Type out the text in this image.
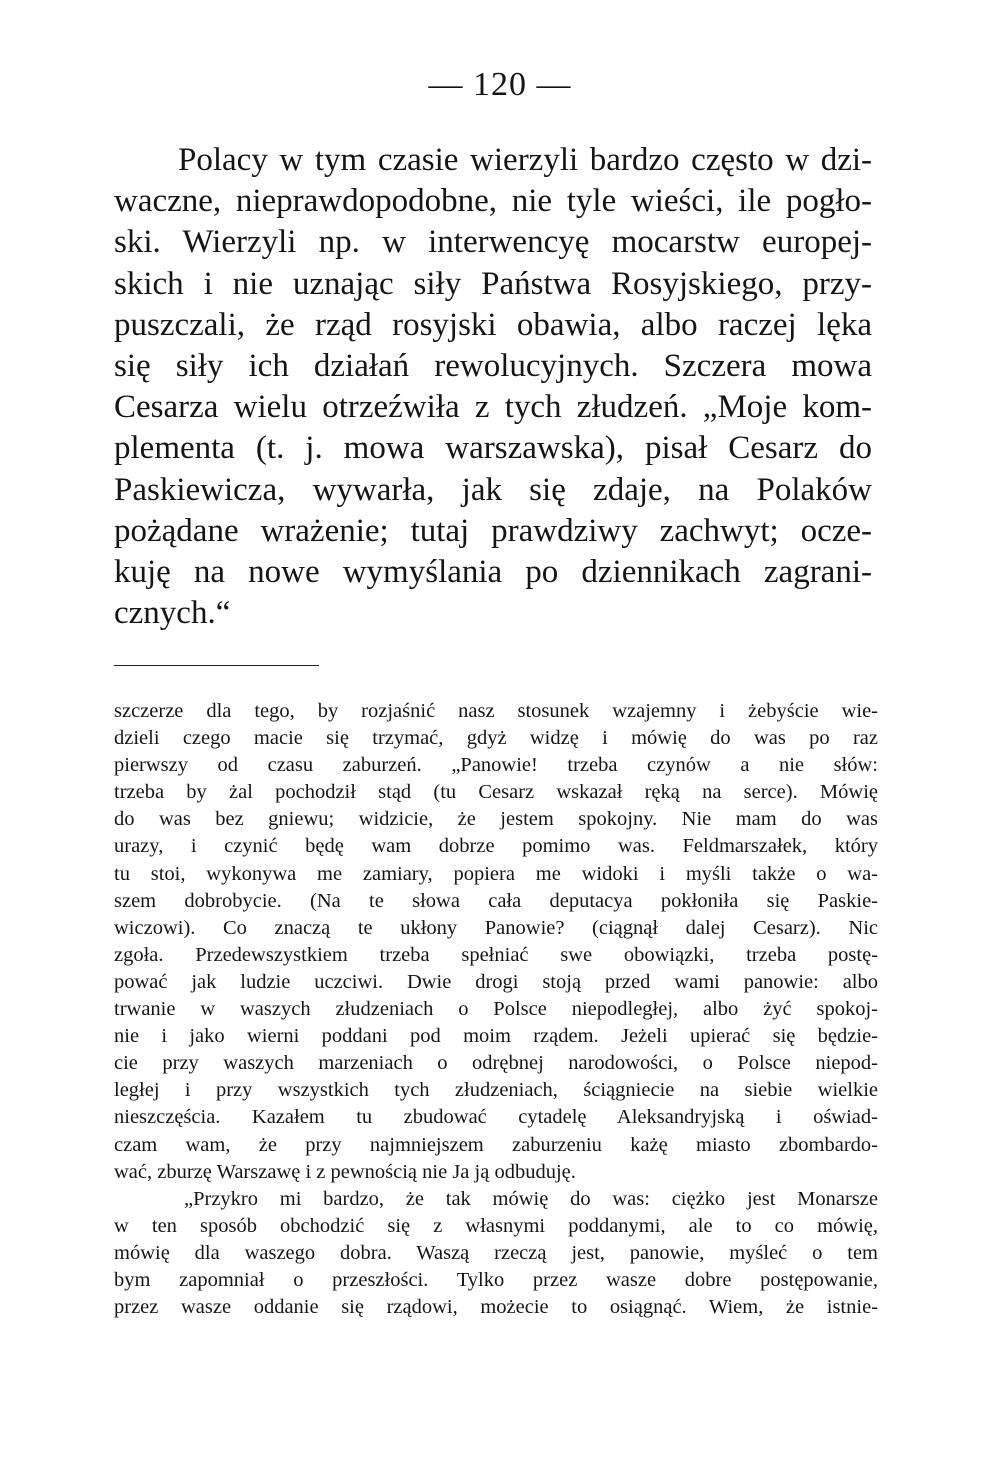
— 120 —
Polacy w tym czasie wierzyli bardzo często w dzi-
waczne, nieprawdopodobne, nie tyle wieści, ile pogło-
ski. Wierzyli np. w interwencyę mocarstw europej-
skich i nie uznając siły Państwa Rosyjskiego, przy-
puszczali, że rząd rosyjski obawia, albo raczej lęka
się siły ich działań rewolucyjnych. Szczera mowa
Cesarza wielu otrzeźwiła z tych złudzeń. „Moje kom-
plementa (t. j. mowa warszawska), pisał Cesarz do
Paskiewicza, wywarła, jak się zdaje, na Polaków
pożądane wrażenie; tutaj prawdziwy zachwyt; ocze-
kuję na nowe wymyślania po dziennikach zagrani-
cznych.“
szczerze dla tego, by rozjaśnić nasz stosunek wzajemny i żebyście wie-
dzieli czego macie się trzymać, gdyż widzę i mówię do was po raz
pierwszy od czasu zaburzeń. „Panowie! trzeba czynów a nie słów:
trzeba by żal pochodził stąd (tu Cesarz wskazał ręką na serce). Mówię
do was bez gniewu; widzicie, że jestem spokojny. Nie mam do was
urazy, i czynić będę wam dobrze pomimo was. Feldmarszałek, który
tu stoi, wykonywa me zamiary, popiera me widoki i myśli także o wa-
szem dobrobycie. (Na te słowa cała deputacya pokłoniła się Paskie-
wiczowi). Co znaczą te ukłony Panowie? (ciągnął dalej Cesarz). Nic
zgoła. Przedewszystkiem trzeba spełniać swe obowiązki, trzeba postę-
pować jak ludzie uczciwi. Dwie drogi stoją przed wami panowie: albo
trwanie w waszych złudzeniach o Polsce niepodległej, albo żyć spokoj-
nie i jako wierni poddani pod moim rządem. Jeżeli upierać się będzie-
cie przy waszych marzeniach o odrębnej narodowości, o Polsce niepod-
ległej i przy wszystkich tych złudzeniach, ściągniecie na siebie wielkie
nieszczęścia. Kazałem tu zbudować cytadelę Aleksandryjską i oświad-
czam wam, że przy najmniejszem zaburzeniu każę miasto zbombardo-
wać, zburzę Warszawę i z pewnością nie Ja ją odbuduję.
„Przykro mi bardzo, że tak mówię do was: ciężko jest Monarsze
w ten sposób obchodzić się z własnymi poddanymi, ale to co mówię,
mówię dla waszego dobra. Waszą rzeczą jest, panowie, myśleć o tem
bym zapomniał o przeszłości. Tylko przez wasze dobre postępowanie,
przez wasze oddanie się rządowi, możecie to osiągnąć. Wiem, że istnie-
